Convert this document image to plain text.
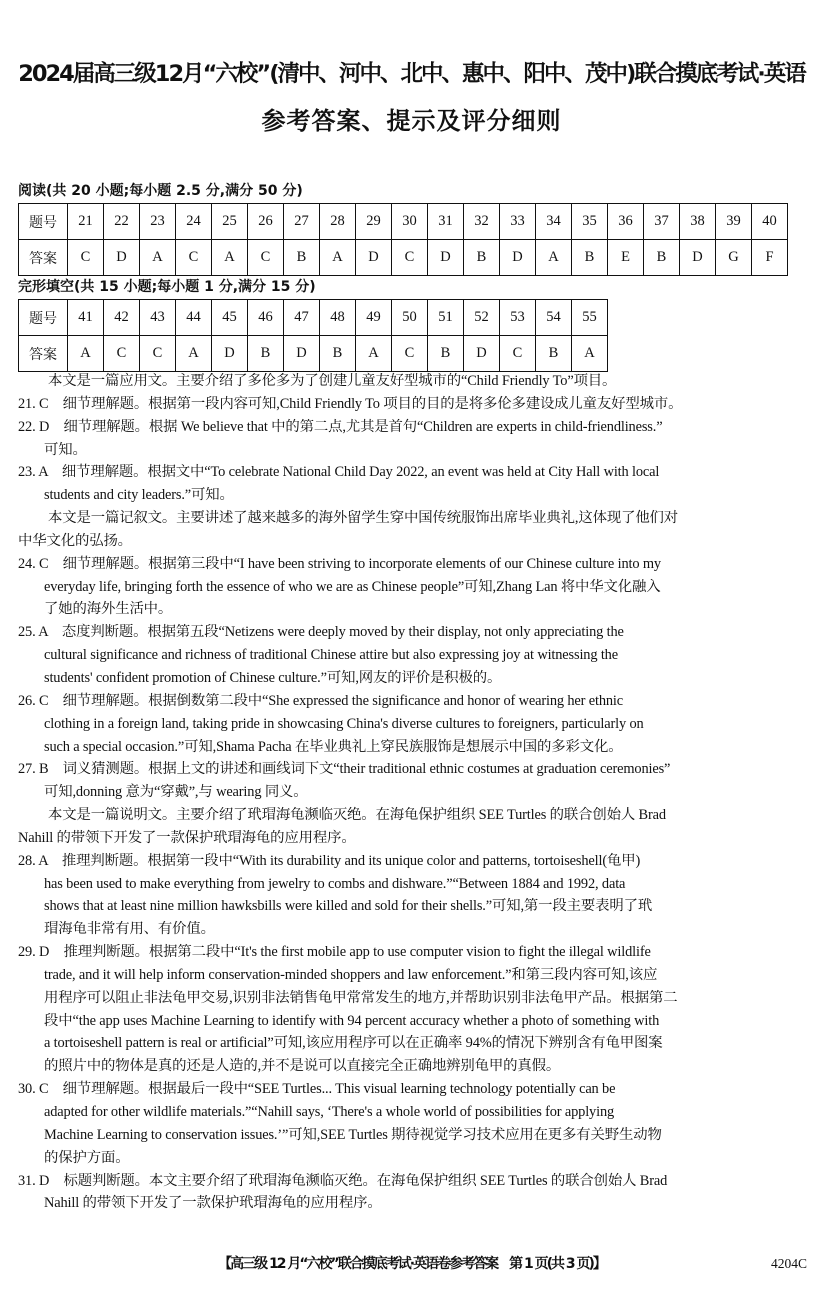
2024届高三级12月“六校”(清中、河中、北中、惠中、阳中、茂中)联合摸底考试·英语
参考答案、提示及评分细则
阅读(共 20 小题;每小题 2.5 分,满分 50 分)
题号	21	22	23	24	25	26	27	28	29	30	31	32	33	34	35	36	37	38	39	40
答案	C	D	A	C	A	C	B	A	D	C	D	B	D	A	B	E	B	D	G	F
完形填空(共 15 小题;每小题 1 分,满分 15 分)
题号	41	42	43	44	45	46	47	48	49	50	51	52	53	54	55
答案	A	C	C	A	D	B	D	B	A	C	B	D	C	B	A
本文是一篇应用文。主要介绍了多伦多为了创建儿童友好型城市的“Child Friendly To”项目。
21. C　细节理解题。根据第一段内容可知,Child Friendly To 项目的目的是将多伦多建设成儿童友好型城市。
22. D　细节理解题。根据 We believe that 中的第二点,尤其是首句“Children are experts in child-friendliness.”
可知。
23. A　细节理解题。根据文中“To celebrate National Child Day 2022, an event was held at City Hall with local
students and city leaders.”可知。
本文是一篇记叙文。主要讲述了越来越多的海外留学生穿中国传统服饰出席毕业典礼,这体现了他们对
中华文化的弘扬。
24. C　细节理解题。根据第三段中“I have been striving to incorporate elements of our Chinese culture into my
everyday life, bringing forth the essence of who we are as Chinese people”可知,Zhang Lan 将中华文化融入
了她的海外生活中。
25. A　态度判断题。根据第五段“Netizens were deeply moved by their display, not only appreciating the
cultural significance and richness of traditional Chinese attire but also expressing joy at witnessing the
students' confident promotion of Chinese culture.”可知,网友的评价是积极的。
26. C　细节理解题。根据倒数第二段中“She expressed the significance and honor of wearing her ethnic
clothing in a foreign land, taking pride in showcasing China's diverse cultures to foreigners, particularly on
such a special occasion.”可知,Shama Pacha 在毕业典礼上穿民族服饰是想展示中国的多彩文化。
27. B　词义猜测题。根据上文的讲述和画线词下文“their traditional ethnic costumes at graduation ceremonies”
可知,donning 意为“穿戴”,与 wearing 同义。
本文是一篇说明文。主要介绍了玳瑁海龟濒临灭绝。在海龟保护组织 SEE Turtles 的联合创始人 Brad
Nahill 的带领下开发了一款保护玳瑁海龟的应用程序。
28. A　推理判断题。根据第一段中“With its durability and its unique color and patterns, tortoiseshell(龟甲)
has been used to make everything from jewelry to combs and dishware.”“Between 1884 and 1992, data
shows that at least nine million hawksbills were killed and sold for their shells.”可知,第一段主要表明了玳
瑁海龟非常有用、有价值。
29. D　推理判断题。根据第二段中“It's the first mobile app to use computer vision to fight the illegal wildlife
trade, and it will help inform conservation-minded shoppers and law enforcement.”和第三段内容可知,该应
用程序可以阻止非法龟甲交易,识别非法销售龟甲常常发生的地方,并帮助识别非法龟甲产品。根据第二
段中“the app uses Machine Learning to identify with 94 percent accuracy whether a photo of something with
a tortoiseshell pattern is real or artificial”可知,该应用程序可以在正确率 94%的情况下辨别含有龟甲图案
的照片中的物体是真的还是人造的,并不是说可以直接完全正确地辨别龟甲的真假。
30. C　细节理解题。根据最后一段中“SEE Turtles... This visual learning technology potentially can be
adapted for other wildlife materials.”“Nahill says, ‘There's a whole world of possibilities for applying
Machine Learning to conservation issues.’”可知,SEE Turtles 期待视觉学习技术应用在更多有关野生动物
的保护方面。
31. D　标题判断题。本文主要介绍了玳瑁海龟濒临灭绝。在海龟保护组织 SEE Turtles 的联合创始人 Brad
Nahill 的带领下开发了一款保护玳瑁海龟的应用程序。
【高三级 12 月“六校”联合摸底考试·英语卷参考答案　第 1 页(共 3 页)】	4204C
